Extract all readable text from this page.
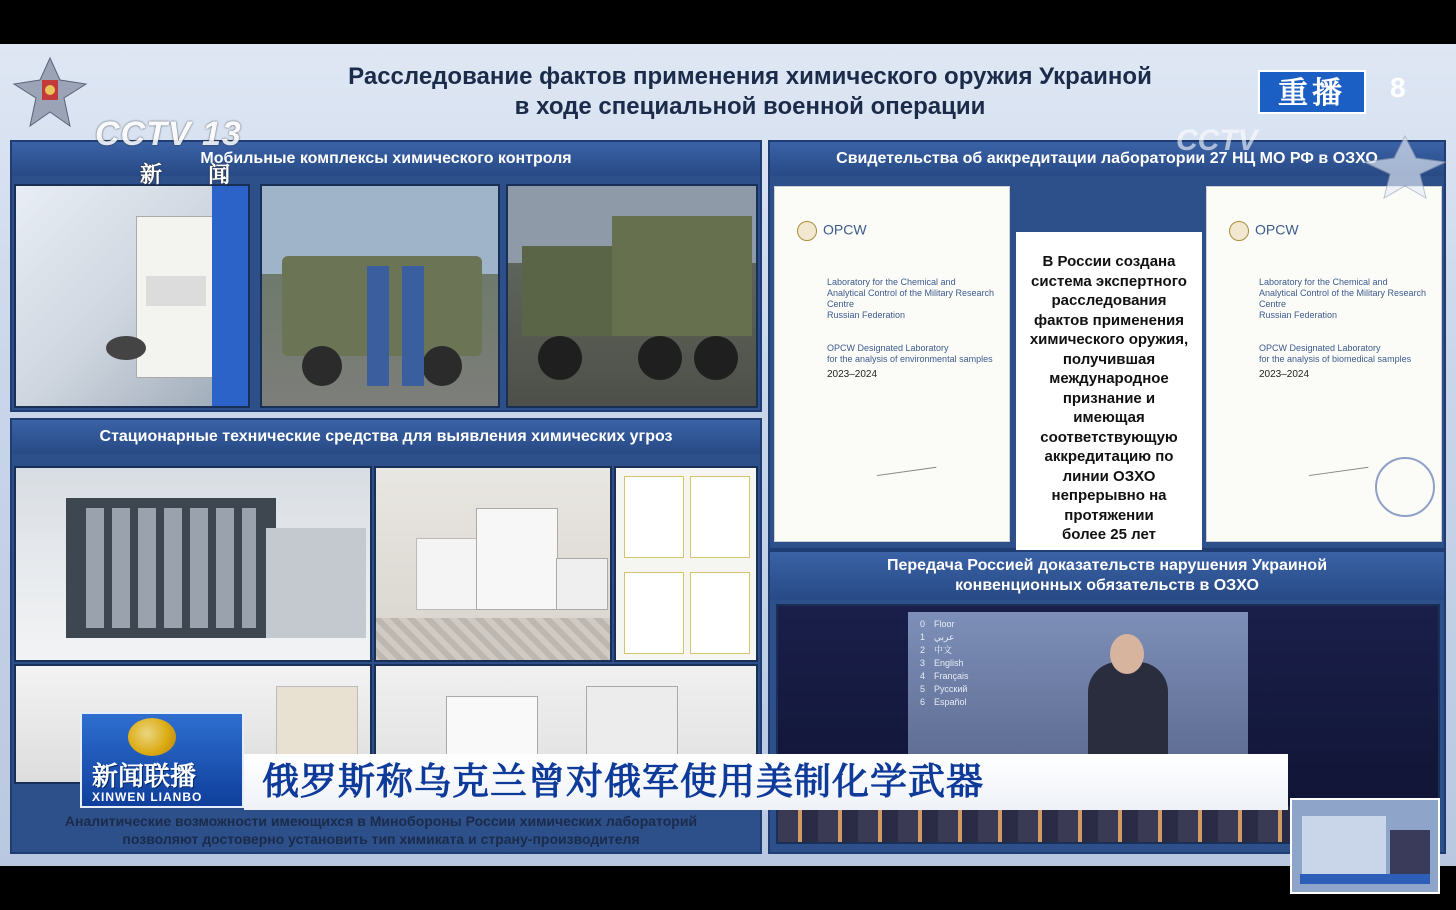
Расследование фактов применения химического оружия Украиной
в ходе специальной военной операции
Мобильные комплексы химического контроля
Стационарные технические средства для выявления химических угроз
Свидетельства об аккредитации лаборатории 27 НЦ МО РФ в ОЗХО
OPCW
Laboratory for the Chemical and Analytical Control of the Military Research Centre
Russian Federation
OPCW Designated Laboratory
for the analysis of environmental samples
2023–2024
В России создана
система экспертного
расследования
фактов применения
химического оружия,
получившая
международное
признание и
имеющая
соответствующую
аккредитацию по
линии ОЗХО
непрерывно на
протяжении
более 25 лет
OPCW
Laboratory for the Chemical and Analytical Control of the Military Research Centre
Russian Federation
OPCW Designated Laboratory
for the analysis of biomedical samples
2023–2024
Передача Россией доказательств нарушения Украиной
конвенционных обязательств в ОЗХО
0 Floor
1 عربي
2 中文
3 English
4 Français
5 Русский
6 Español
Аналитические возможности имеющихся в Минобороны России химических лабораторий
позволяют достоверно установить тип химиката и страну-производителя
CCTV 13
新 闻
重播	8
CCTV
俄罗斯称乌克兰曾对俄军使用美制化学武器
新闻联播
XINWEN LIANBO
